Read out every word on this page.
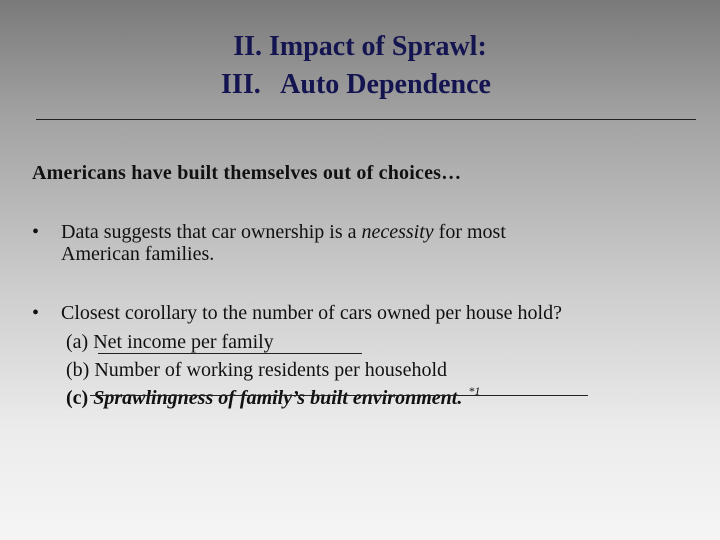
II. Impact of Sprawl:
III.   Auto Dependence
Americans have built themselves out of choices…
• Data suggests that car ownership is a necessity for most
American families.
• Closest corollary to the number of cars owned per house hold?
(a) Net income per family
(b) Number of working residents per household
(c) Sprawlingness of family’s built environment. $^{*1}$
